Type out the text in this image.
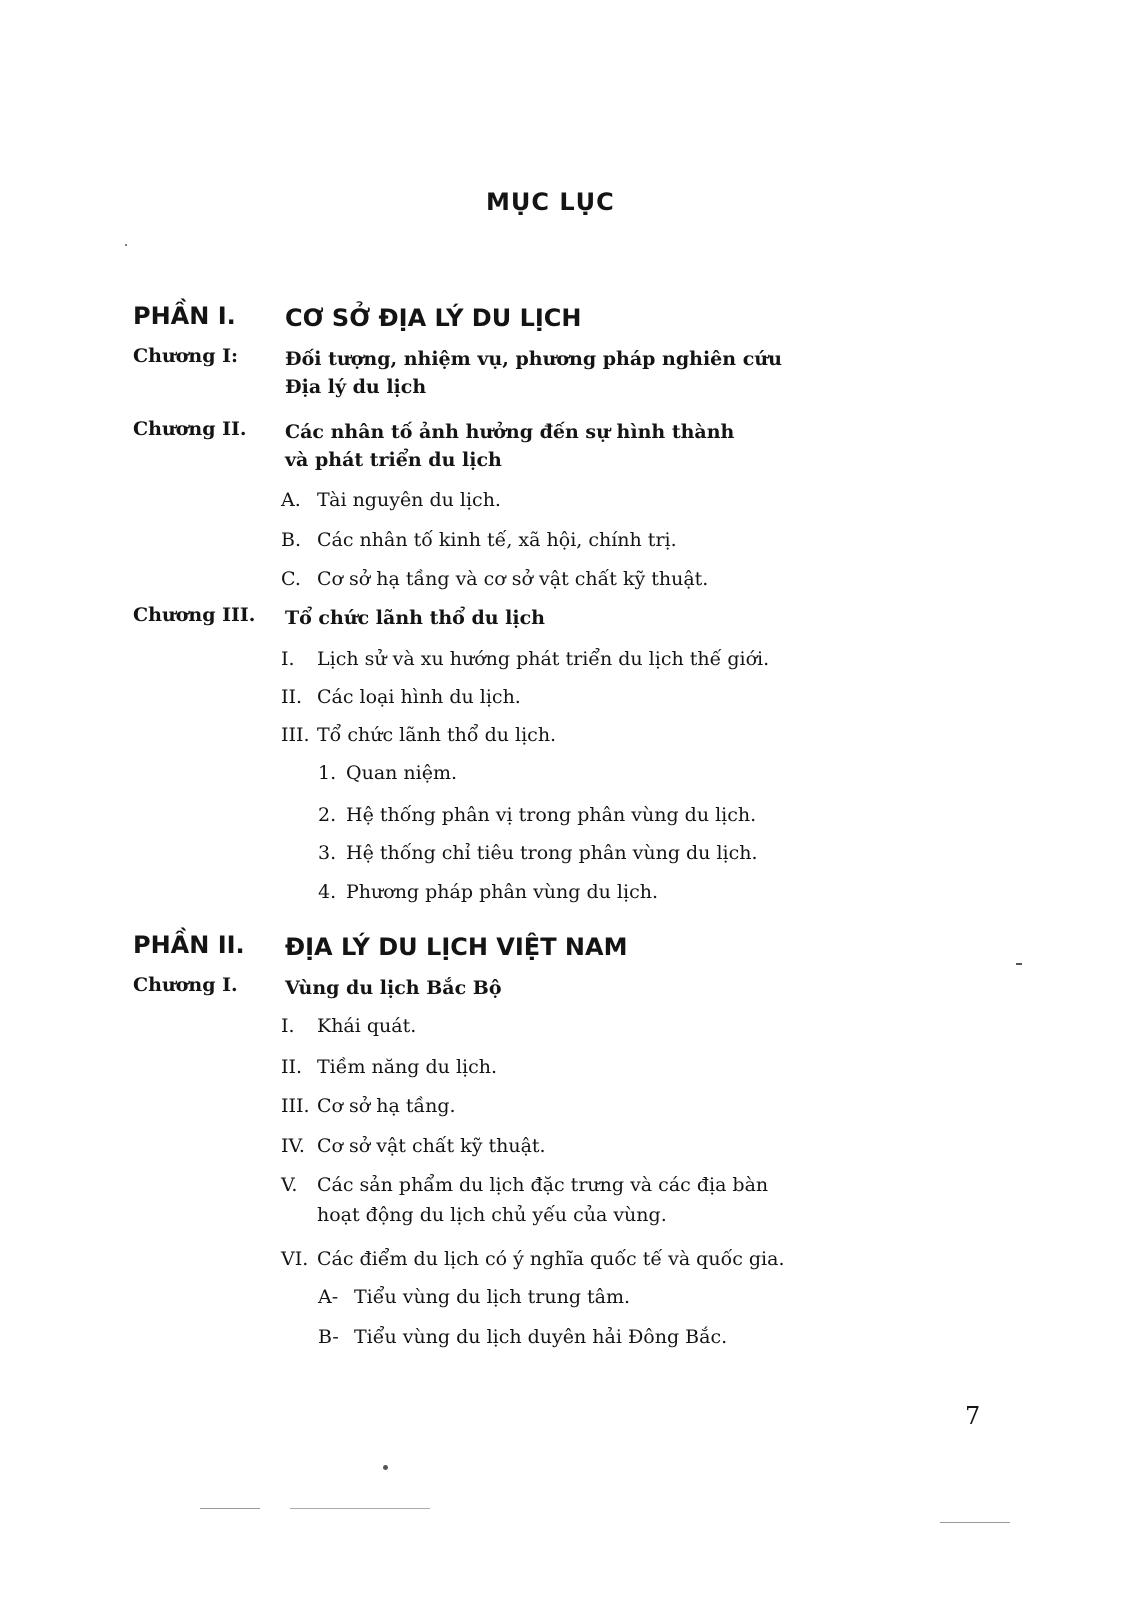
MỤC LỤC
PHẦN I. CƠ SỞ ĐỊA LÝ DU LỊCH
Chương I: Đối tượng, nhiệm vụ, phương pháp nghiên cứu
Địa lý du lịch
Chương II. Các nhân tố ảnh hưởng đến sự hình thành
và phát triển du lịch
A. Tài nguyên du lịch.
B. Các nhân tố kinh tế, xã hội, chính trị.
C. Cơ sở hạ tầng và cơ sở vật chất kỹ thuật.
Chương III. Tổ chức lãnh thổ du lịch
I. Lịch sử và xu hướng phát triển du lịch thế giới.
II. Các loại hình du lịch.
III. Tổ chức lãnh thổ du lịch.
1. Quan niệm.
2. Hệ thống phân vị trong phân vùng du lịch.
3. Hệ thống chỉ tiêu trong phân vùng du lịch.
4. Phương pháp phân vùng du lịch.
PHẦN II. ĐỊA LÝ DU LỊCH VIỆT NAM
Chương I. Vùng du lịch Bắc Bộ
I. Khái quát.
II. Tiềm năng du lịch.
III. Cơ sở hạ tầng.
IV. Cơ sở vật chất kỹ thuật.
V. Các sản phẩm du lịch đặc trưng và các địa bàn
hoạt động du lịch chủ yếu của vùng.
VI. Các điểm du lịch có ý nghĩa quốc tế và quốc gia.
A- Tiểu vùng du lịch trung tâm.
B- Tiểu vùng du lịch duyên hải Đông Bắc.
7
